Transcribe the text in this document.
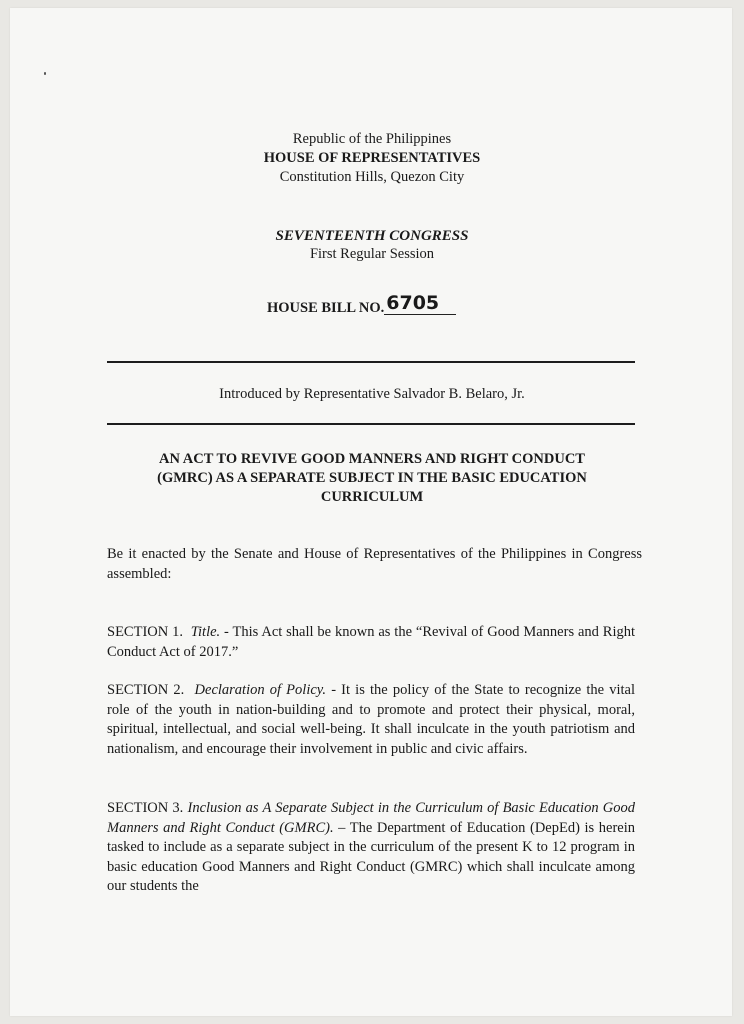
Republic of the Philippines
HOUSE OF REPRESENTATIVES
Constitution Hills, Quezon City
SEVENTEENTH CONGRESS
First Regular Session
HOUSE BILL NO. 6705
Introduced by Representative Salvador B. Belaro, Jr.
AN ACT TO REVIVE GOOD MANNERS AND RIGHT CONDUCT
(GMRC) AS A SEPARATE SUBJECT IN THE BASIC EDUCATION
CURRICULUM
Be it enacted by the Senate and House of Representatives of the Philippines in Congress assembled:
SECTION 1. Title. - This Act shall be known as the “Revival of Good Manners and Right Conduct Act of 2017.”
SECTION 2. Declaration of Policy. - It is the policy of the State to recognize the vital role of the youth in nation-building and to promote and protect their physical, moral, spiritual, intellectual, and social well-being. It shall inculcate in the youth patriotism and nationalism, and encourage their involvement in public and civic affairs.
SECTION 3. Inclusion as A Separate Subject in the Curriculum of Basic Education Good Manners and Right Conduct (GMRC). – The Department of Education (DepEd) is herein tasked to include as a separate subject in the curriculum of the present K to 12 program in basic education Good Manners and Right Conduct (GMRC) which shall inculcate among our students the
